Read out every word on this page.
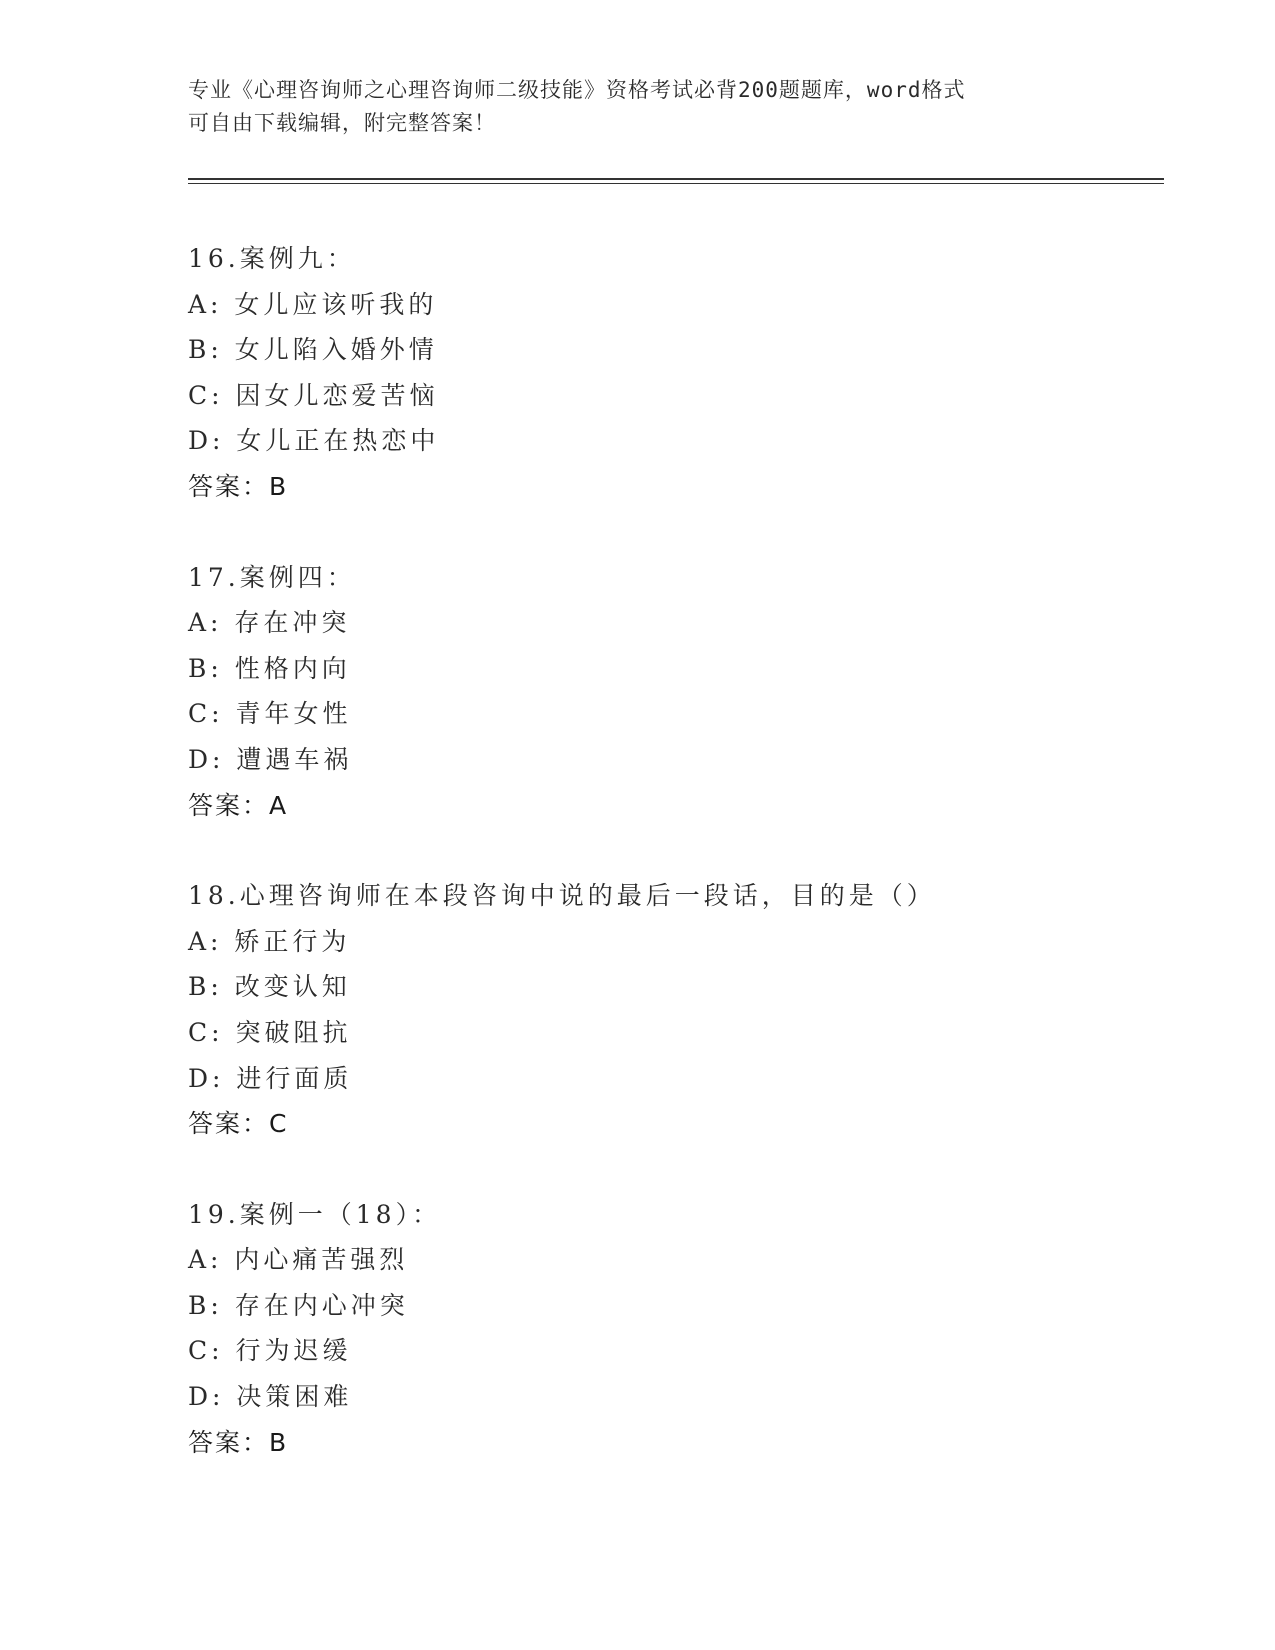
专业《心理咨询师之心理咨询师二级技能》资格考试必背200题题库，word格式
可自由下载编辑，附完整答案！
16.案例九：
A: 女儿应该听我的
B: 女儿陷入婚外情
C: 因女儿恋爱苦恼
D: 女儿正在热恋中
答案：B
17.案例四：
A: 存在冲突
B: 性格内向
C: 青年女性
D: 遭遇车祸
答案：A
18.心理咨询师在本段咨询中说的最后一段话，目的是（）
A: 矫正行为
B: 改变认知
C: 突破阻抗
D: 进行面质
答案：C
19.案例一（18）：
A: 内心痛苦强烈
B: 存在内心冲突
C: 行为迟缓
D: 决策困难
答案：B
